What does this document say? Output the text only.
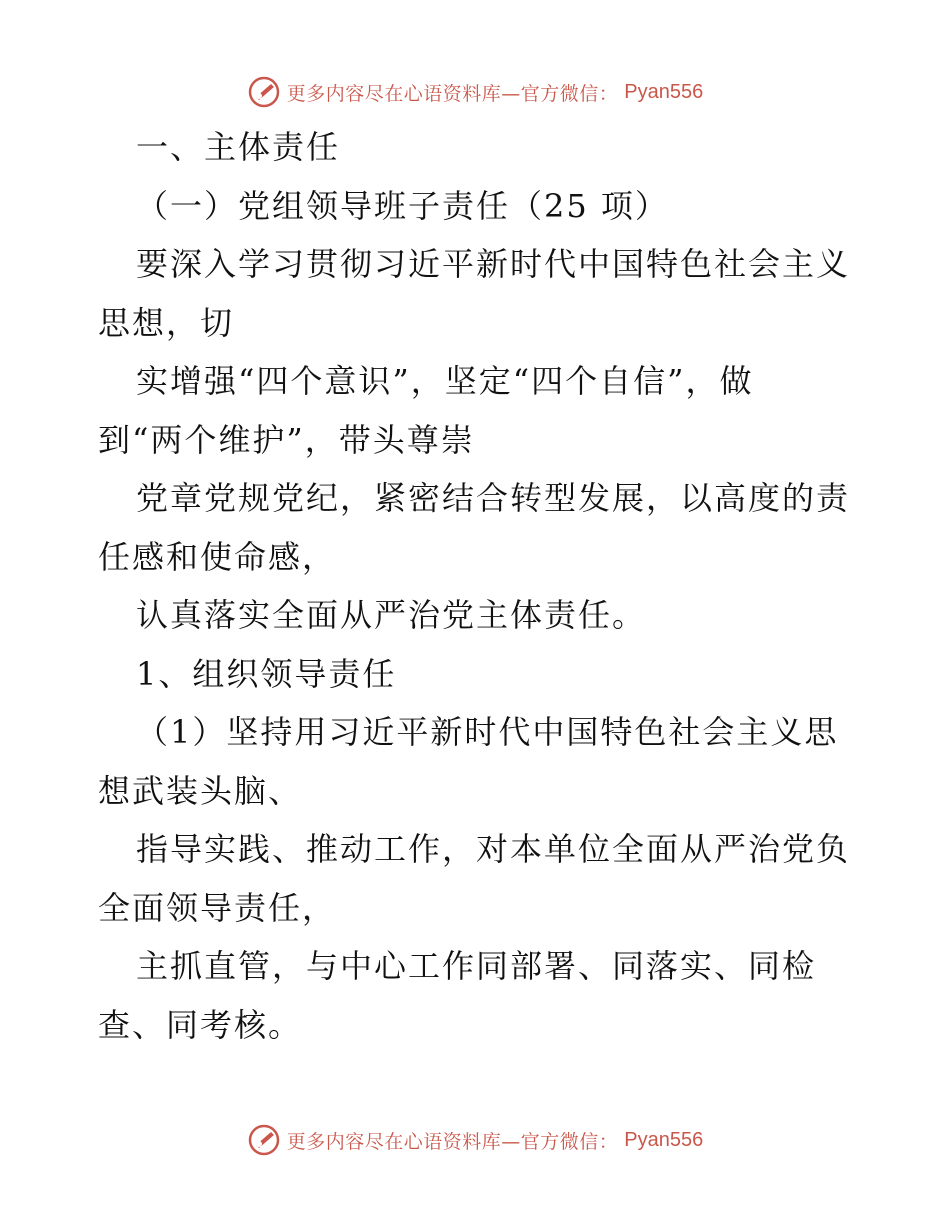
更多内容尽在心语资料库—官方微信： Pyan556
一、主体责任
（一）党组领导班子责任（25 项）
要深入学习贯彻习近平新时代中国特色社会主义
思想，切
实增强“四个意识”，坚定“四个自信”，做
到“两个维护”，带头尊崇
党章党规党纪，紧密结合转型发展，以高度的责
任感和使命感，
认真落实全面从严治党主体责任。
1、组织领导责任
（1）坚持用习近平新时代中国特色社会主义思
想武装头脑、
指导实践、推动工作，对本单位全面从严治党负
全面领导责任，
主抓直管，与中心工作同部署、同落实、同检
查、同考核。
更多内容尽在心语资料库—官方微信： Pyan556
